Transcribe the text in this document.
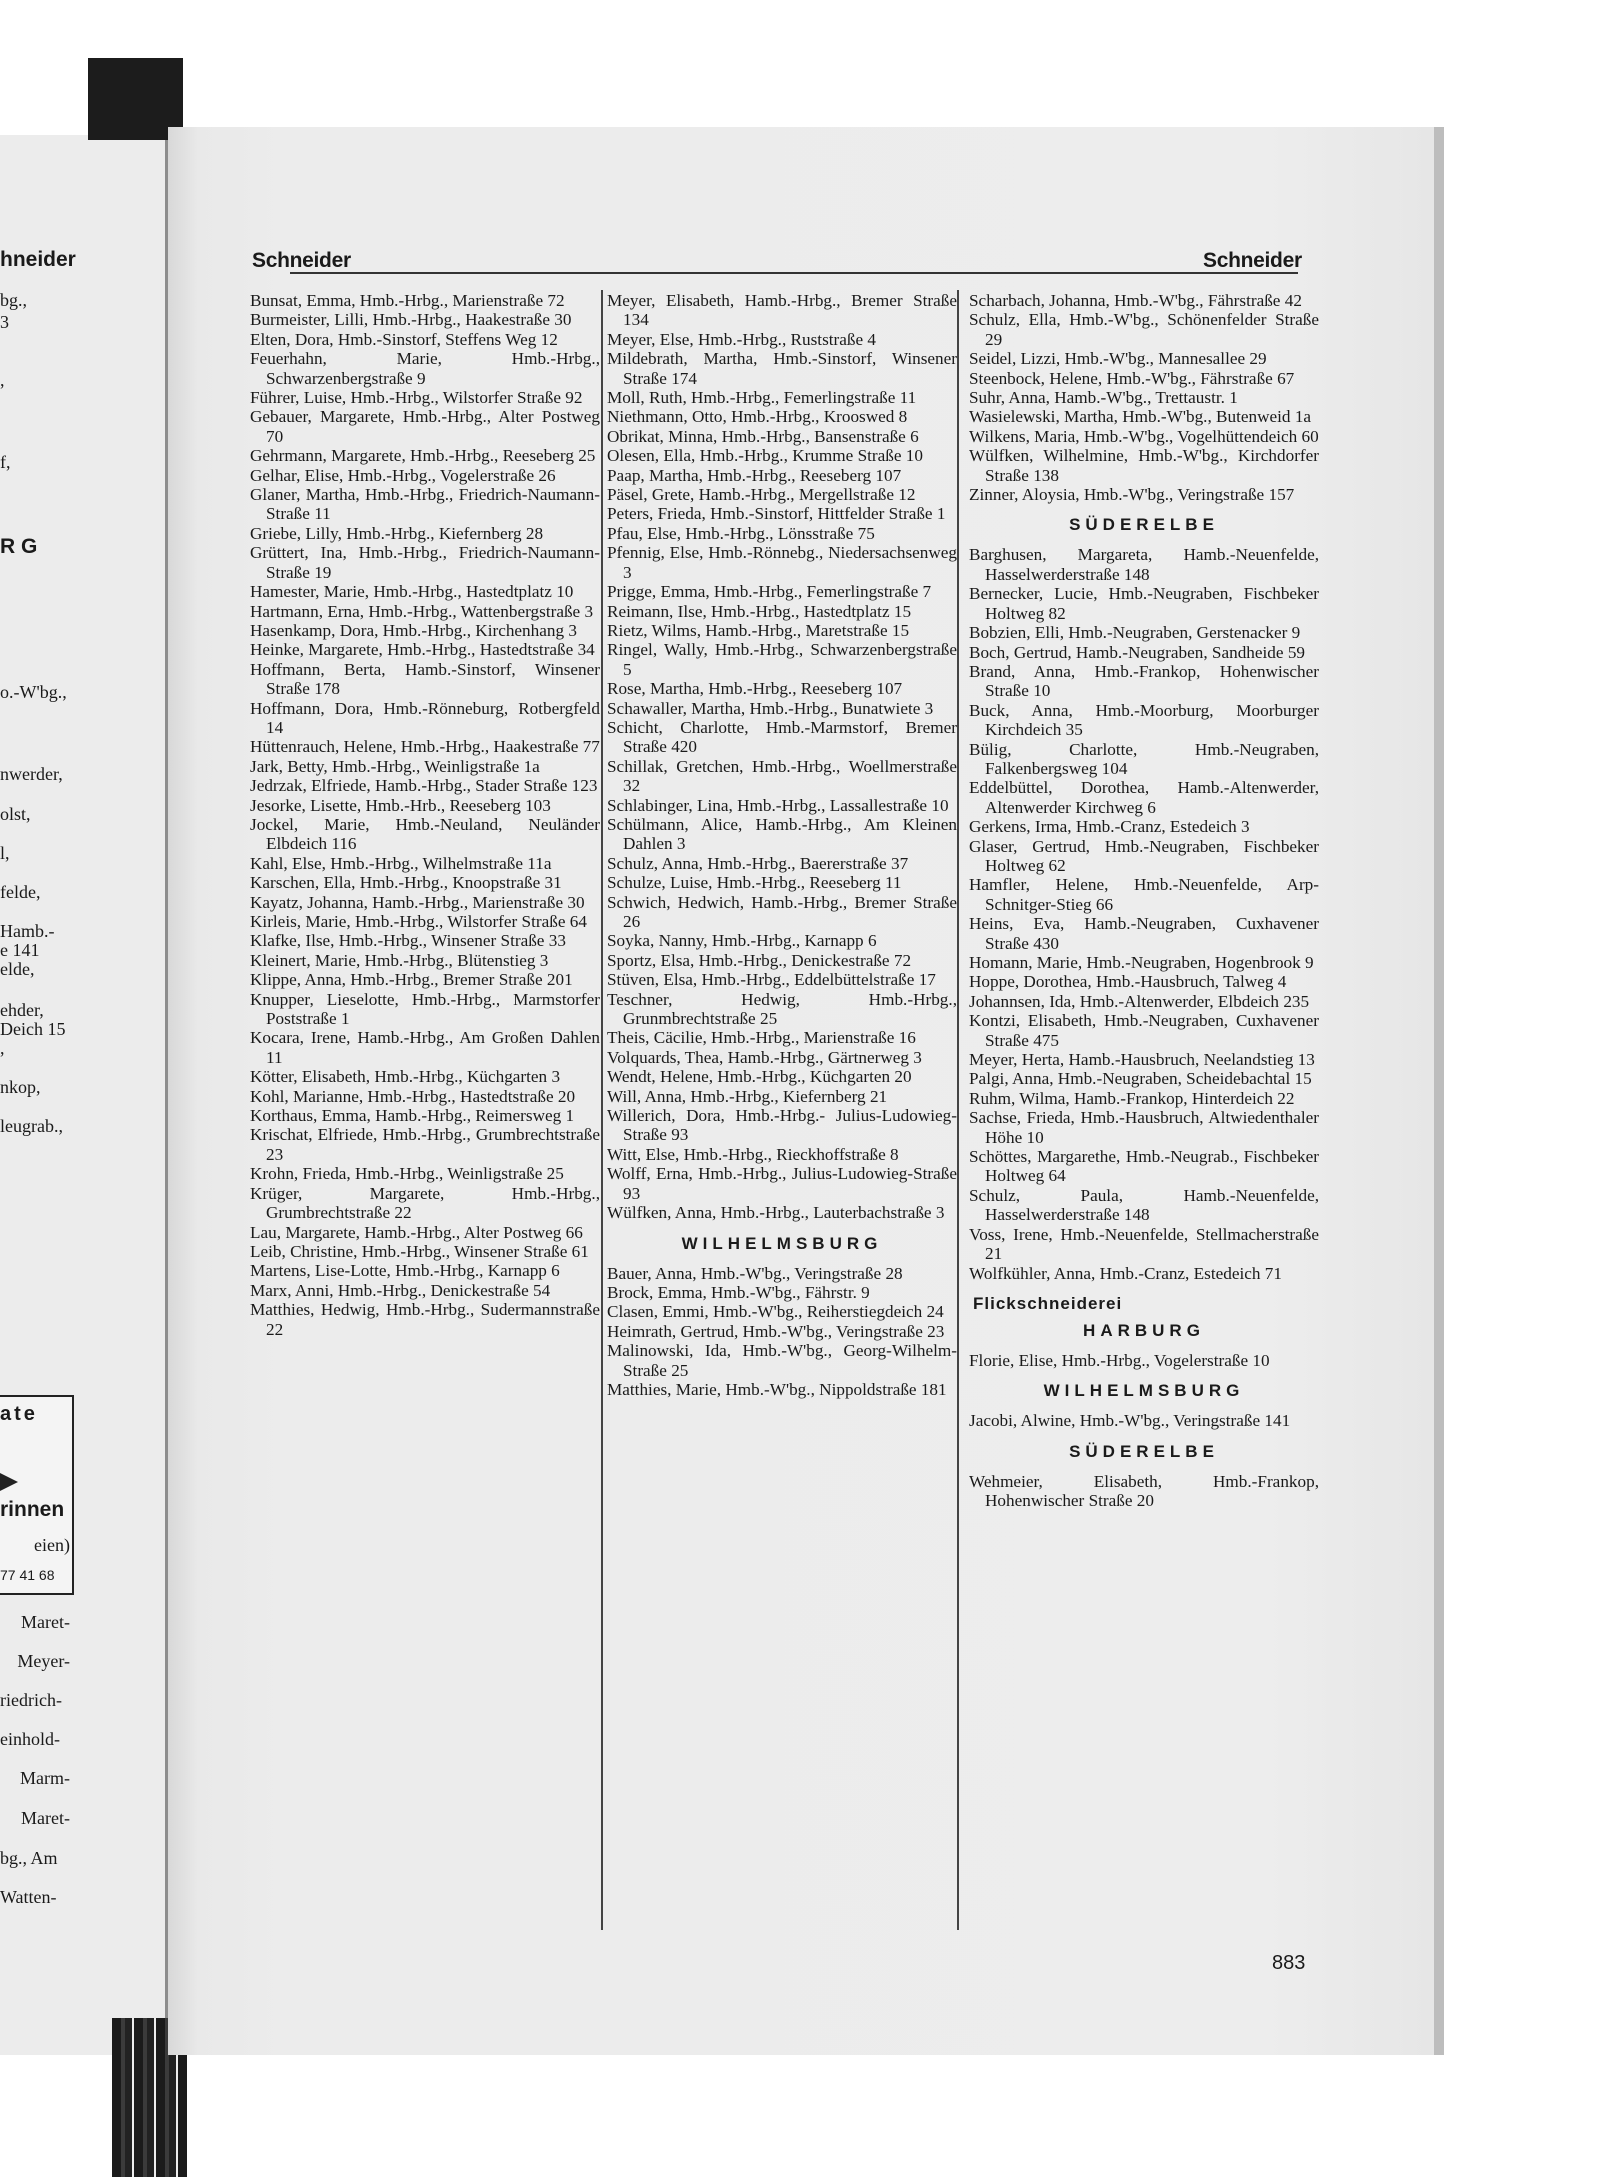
ate
77 41 68
hneider
bg.,
3
,
f,
R G
o.-W'bg.,
nwerder,
olst,
l,
felde,
Hamb.-
e 141
elde,
ehder,
Deich 15
,
nkop,
leugrab.,
rinnen
eien)
Maret-
Meyer-
riedrich-
einhold-
Marm-
Maret-
bg., Am
Watten-
Schneider	Schneider
Bunsat, Emma, Hmb.-Hrbg., Marienstraße 72
Burmeister, Lilli, Hmb.-Hrbg., Haakestraße 30
Elten, Dora, Hmb.-Sinstorf, Steffens Weg 12
Feuerhahn, Marie, Hmb.-Hrbg., Schwarzenbergstraße 9
Führer, Luise, Hmb.-Hrbg., Wilstorfer Straße 92
Gebauer, Margarete, Hmb.-Hrbg., Alter Postweg 70
Gehrmann, Margarete, Hmb.-Hrbg., Reeseberg 25
Gelhar, Elise, Hmb.-Hrbg., Vogelerstraße 26
Glaner, Martha, Hmb.-Hrbg., Friedrich-Naumann-Straße 11
Griebe, Lilly, Hmb.-Hrbg., Kiefernberg 28
Grüttert, Ina, Hmb.-Hrbg., Friedrich-Naumann-Straße 19
Hamester, Marie, Hmb.-Hrbg., Hastedtplatz 10
Hartmann, Erna, Hmb.-Hrbg., Wattenbergstraße 3
Hasenkamp, Dora, Hmb.-Hrbg., Kirchenhang 3
Heinke, Margarete, Hmb.-Hrbg., Hastedtstraße 34
Hoffmann, Berta, Hamb.-Sinstorf, Winsener Straße 178
Hoffmann, Dora, Hmb.-Rönneburg, Rotbergfeld 14
Hüttenrauch, Helene, Hmb.-Hrbg., Haakestraße 77
Jark, Betty, Hmb.-Hrbg., Weinligstraße 1a
Jedrzak, Elfriede, Hamb.-Hrbg., Stader Straße 123
Jesorke, Lisette, Hmb.-Hrb., Reeseberg 103
Jockel, Marie, Hmb.-Neuland, Neuländer Elbdeich 116
Kahl, Else, Hmb.-Hrbg., Wilhelmstraße 11a
Karschen, Ella, Hmb.-Hrbg., Knoopstraße 31
Kayatz, Johanna, Hamb.-Hrbg., Marienstraße 30
Kirleis, Marie, Hmb.-Hrbg., Wilstorfer Straße 64
Klafke, Ilse, Hmb.-Hrbg., Winsener Straße 33
Kleinert, Marie, Hmb.-Hrbg., Blütenstieg 3
Klippe, Anna, Hmb.-Hrbg., Bremer Straße 201
Knupper, Lieselotte, Hmb.-Hrbg., Marmstorfer Poststraße 1
Kocara, Irene, Hamb.-Hrbg., Am Großen Dahlen 11
Kötter, Elisabeth, Hmb.-Hrbg., Küchgarten 3
Kohl, Marianne, Hmb.-Hrbg., Hastedtstraße 20
Korthaus, Emma, Hamb.-Hrbg., Reimersweg 1
Krischat, Elfriede, Hmb.-Hrbg., Grumbrechtstraße 23
Krohn, Frieda, Hmb.-Hrbg., Weinligstraße 25
Krüger, Margarete, Hmb.-Hrbg., Grumbrechtstraße 22
Lau, Margarete, Hamb.-Hrbg., Alter Postweg 66
Leib, Christine, Hmb.-Hrbg., Winsener Straße 61
Martens, Lise-Lotte, Hmb.-Hrbg., Karnapp 6
Marx, Anni, Hmb.-Hrbg., Denickestraße 54
Matthies, Hedwig, Hmb.-Hrbg., Sudermannstraße 22
Meyer, Elisabeth, Hamb.-Hrbg., Bremer Straße 134
Meyer, Else, Hmb.-Hrbg., Ruststraße 4
Mildebrath, Martha, Hmb.-Sinstorf, Winsener Straße 174
Moll, Ruth, Hmb.-Hrbg., Femerlingstraße 11
Niethmann, Otto, Hmb.-Hrbg., Krooswed 8
Obrikat, Minna, Hmb.-Hrbg., Bansenstraße 6
Olesen, Ella, Hmb.-Hrbg., Krumme Straße 10
Paap, Martha, Hmb.-Hrbg., Reeseberg 107
Päsel, Grete, Hamb.-Hrbg., Mergellstraße 12
Peters, Frieda, Hmb.-Sinstorf, Hittfelder Straße 1
Pfau, Else, Hmb.-Hrbg., Lönsstraße 75
Pfennig, Else, Hmb.-Rönnebg., Niedersachsenweg 3
Prigge, Emma, Hmb.-Hrbg., Femerlingstraße 7
Reimann, Ilse, Hmb.-Hrbg., Hastedtplatz 15
Rietz, Wilms, Hamb.-Hrbg., Maretstraße 15
Ringel, Wally, Hmb.-Hrbg., Schwarzenbergstraße 5
Rose, Martha, Hmb.-Hrbg., Reeseberg 107
Schawaller, Martha, Hmb.-Hrbg., Bunatwiete 3
Schicht, Charlotte, Hmb.-Marmstorf, Bremer Straße 420
Schillak, Gretchen, Hmb.-Hrbg., Woellmerstraße 32
Schlabinger, Lina, Hmb.-Hrbg., Lassallestraße 10
Schülmann, Alice, Hamb.-Hrbg., Am Kleinen Dahlen 3
Schulz, Anna, Hmb.-Hrbg., Baererstraße 37
Schulze, Luise, Hmb.-Hrbg., Reeseberg 11
Schwich, Hedwich, Hamb.-Hrbg., Bremer Straße 26
Soyka, Nanny, Hmb.-Hrbg., Karnapp 6
Sportz, Elsa, Hmb.-Hrbg., Denickestraße 72
Stüven, Elsa, Hmb.-Hrbg., Eddelbüttelstraße 17
Teschner, Hedwig, Hmb.-Hrbg., Grunmbrechtstraße 25
Theis, Cäcilie, Hmb.-Hrbg., Marienstraße 16
Volquards, Thea, Hamb.-Hrbg., Gärtnerweg 3
Wendt, Helene, Hmb.-Hrbg., Küchgarten 20
Will, Anna, Hmb.-Hrbg., Kiefernberg 21
Willerich, Dora, Hmb.-Hrbg.- Julius-Ludowieg-Straße 93
Witt, Else, Hmb.-Hrbg., Rieckhoffstraße 8
Wolff, Erna, Hmb.-Hrbg., Julius-Ludowieg-Straße 93
Wülfken, Anna, Hmb.-Hrbg., Lauterbachstraße 3
WILHELMSBURG
Bauer, Anna, Hmb.-W'bg., Veringstraße 28
Brock, Emma, Hmb.-W'bg., Fährstr. 9
Clasen, Emmi, Hmb.-W'bg., Reiherstiegdeich 24
Heimrath, Gertrud, Hmb.-W'bg., Veringstraße 23
Malinowski, Ida, Hmb.-W'bg., Georg-Wilhelm-Straße 25
Matthies, Marie, Hmb.-W'bg., Nippoldstraße 181
Scharbach, Johanna, Hmb.-W'bg., Fährstraße 42
Schulz, Ella, Hmb.-W'bg., Schönenfelder Straße 29
Seidel, Lizzi, Hmb.-W'bg., Mannesallee 29
Steenbock, Helene, Hmb.-W'bg., Fährstraße 67
Suhr, Anna, Hamb.-W'bg., Trettaustr. 1
Wasielewski, Martha, Hmb.-W'bg., Butenweid 1a
Wilkens, Maria, Hmb.-W'bg., Vogelhüttendeich 60
Wülfken, Wilhelmine, Hmb.-W'bg., Kirchdorfer Straße 138
Zinner, Aloysia, Hmb.-W'bg., Veringstraße 157
SÜDERELBE
Barghusen, Margareta, Hamb.-Neuenfelde, Hasselwerderstraße 148
Bernecker, Lucie, Hmb.-Neugraben, Fischbeker Holtweg 82
Bobzien, Elli, Hmb.-Neugraben, Gerstenacker 9
Boch, Gertrud, Hamb.-Neugraben, Sandheide 59
Brand, Anna, Hmb.-Frankop, Hohenwischer Straße 10
Buck, Anna, Hmb.-Moorburg, Moorburger Kirchdeich 35
Bülig, Charlotte, Hmb.-Neugraben, Falkenbergsweg 104
Eddelbüttel, Dorothea, Hamb.-Altenwerder, Altenwerder Kirchweg 6
Gerkens, Irma, Hmb.-Cranz, Estedeich 3
Glaser, Gertrud, Hmb.-Neugraben, Fischbeker Holtweg 62
Hamfler, Helene, Hmb.-Neuenfelde, Arp-Schnitger-Stieg 66
Heins, Eva, Hamb.-Neugraben, Cuxhavener Straße 430
Homann, Marie, Hmb.-Neugraben, Hogenbrook 9
Hoppe, Dorothea, Hmb.-Hausbruch, Talweg 4
Johannsen, Ida, Hmb.-Altenwerder, Elbdeich 235
Kontzi, Elisabeth, Hmb.-Neugraben, Cuxhavener Straße 475
Meyer, Herta, Hamb.-Hausbruch, Neelandstieg 13
Palgi, Anna, Hmb.-Neugraben, Scheidebachtal 15
Ruhm, Wilma, Hamb.-Frankop, Hinterdeich 22
Sachse, Frieda, Hmb.-Hausbruch, Altwiedenthaler Höhe 10
Schöttes, Margarethe, Hmb.-Neugrab., Fischbeker Holtweg 64
Schulz, Paula, Hamb.-Neuenfelde, Hasselwerderstraße 148
Voss, Irene, Hmb.-Neuenfelde, Stellmacherstraße 21
Wolfkühler, Anna, Hmb.-Cranz, Estedeich 71
Flickschneiderei
HARBURG
Florie, Elise, Hmb.-Hrbg., Vogelerstraße 10
WILHELMSBURG
Jacobi, Alwine, Hmb.-W'bg., Veringstraße 141
SÜDERELBE
Wehmeier, Elisabeth, Hmb.-Frankop, Hohenwischer Straße 20
883
